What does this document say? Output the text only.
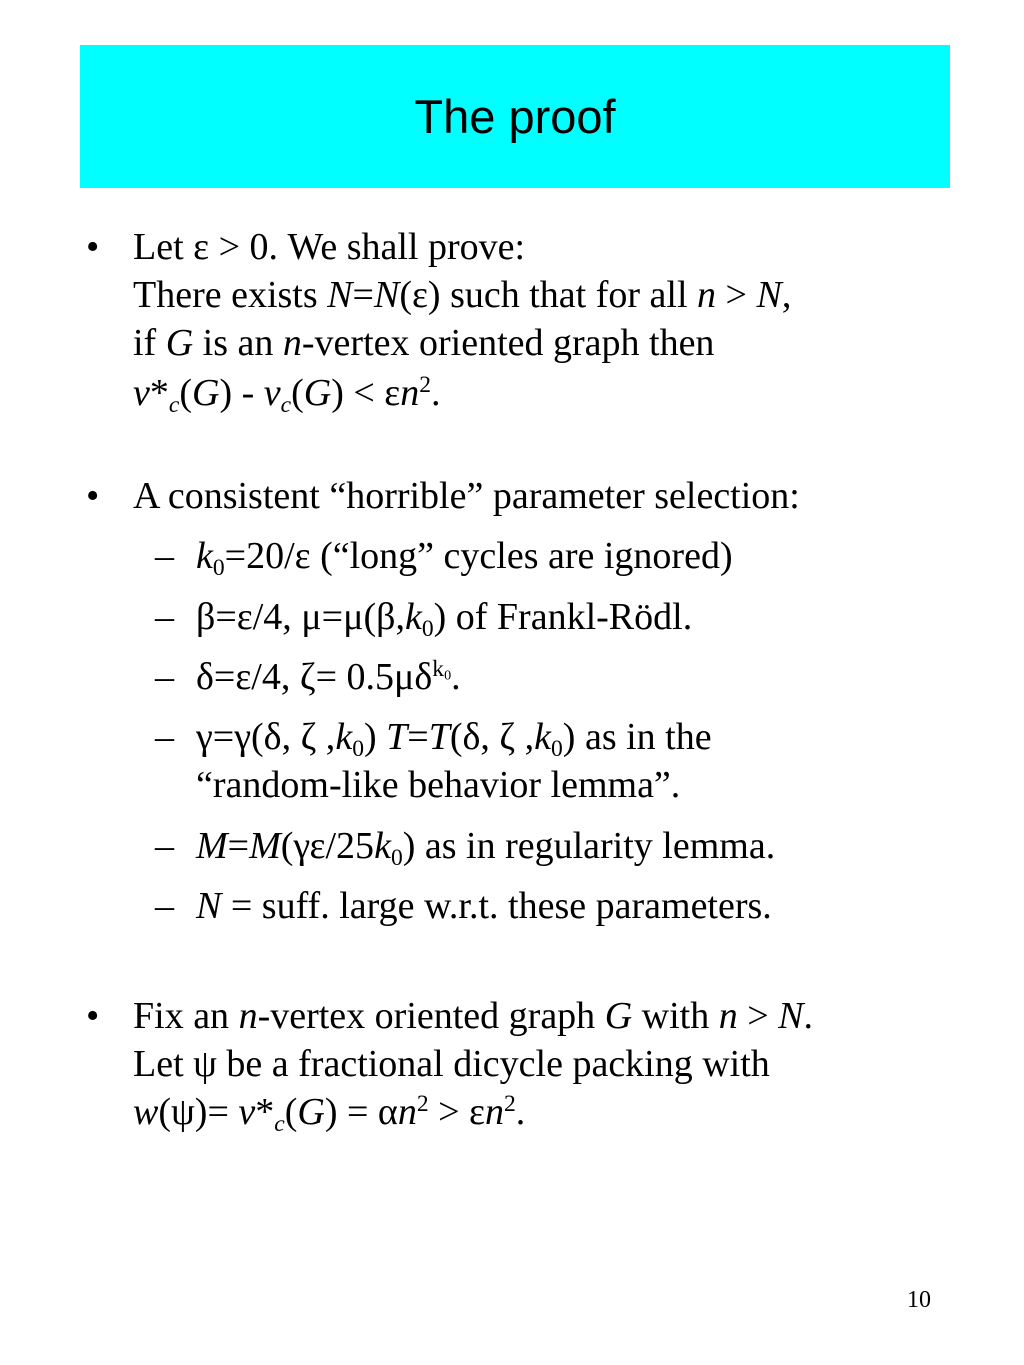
The proof
• Let ε > 0. We shall prove:
There exists N=N(ε) such that for all n > N,
if G is an n-vertex oriented graph then
$v*_c(G) - v_c(G) < \varepsilon n^2$.
• A consistent “horrible” parameter selection:
– $k_0=20/\varepsilon$ (“long” cycles are ignored)
– β=ε/4, $\mu=\mu(\beta,k_0)$ of Frankl-Rödl.
– δ=ε/4, $\zeta= 0.5\mu\delta^{k0}$.
– γ=γ(δ, ζ $,k_0$) T=T(δ, ζ $,k_0$) as in the
“random-like behavior lemma”.
– $M=M(\gamma\varepsilon/25k_0)$ as in regularity lemma.
– N = suff. large w.r.t. these parameters.
• Fix an n-vertex oriented graph G with n > N.
Let ψ be a fractional dicycle packing with
$w(\psi)= v*_c(G) = \alpha n^2 > \varepsilon n^2$.
10
